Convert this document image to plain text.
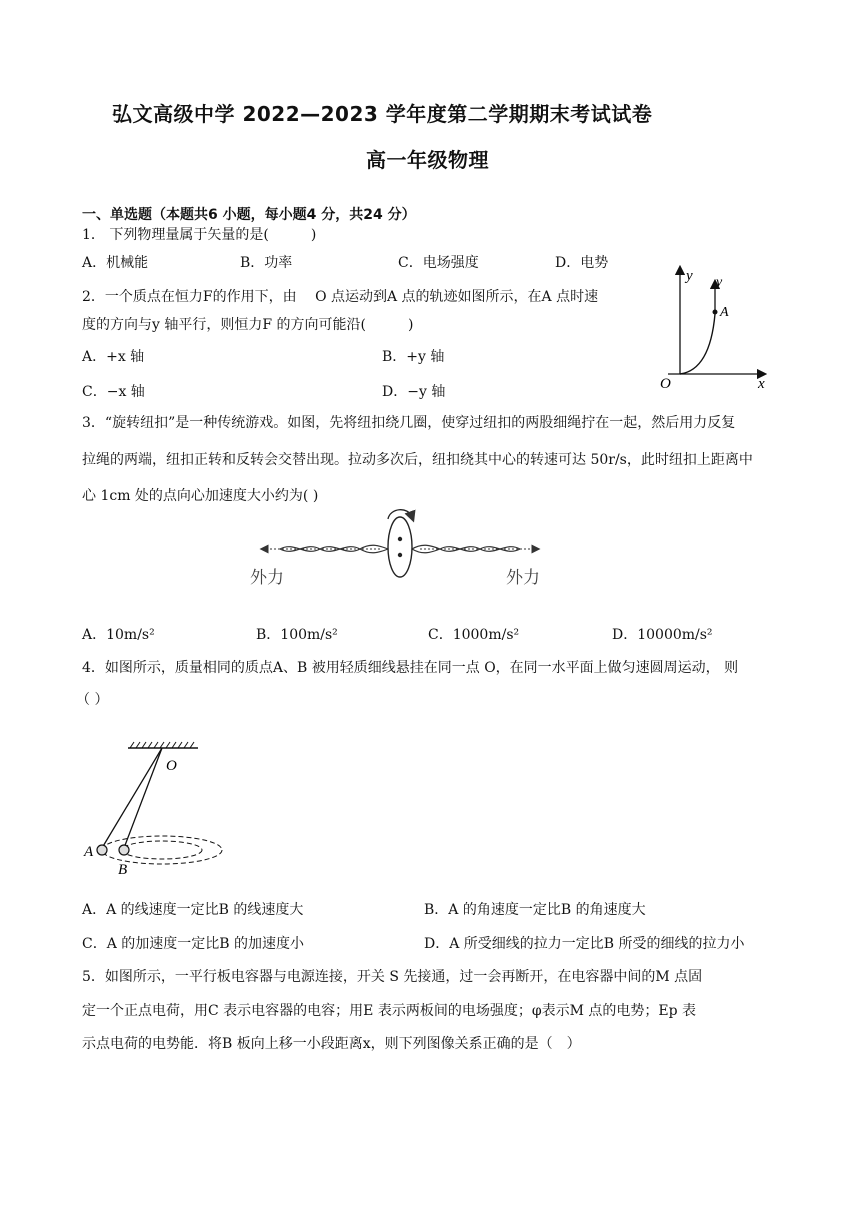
弘文高级中学 2022—2023 学年度第二学期期末考试试卷
高一年级物理
一、单选题（本题共6 小题，每小题4 分，共24 分）
1． 下列物理量属于矢量的是(　　　)
A．机械能	B．功率	C．电场强度	D．电势
2．一个质点在恒力F的作用下，由　 O 点运动到A 点的轨迹如图所示，在A 点时速
度的方向与y 轴平行，则恒力F 的方向可能沿(　　　)
A．+x 轴	B．+y 轴
C．−x 轴	D．−y 轴
y v
A
O	x
3．“旋转纽扣”是一种传统游戏。如图，先将纽扣绕几圈，使穿过纽扣的两股细绳拧在一起，然后用力反复
拉绳的两端，纽扣正转和反转会交替出现。拉动多次后，纽扣绕其中心的转速可达 50r/s，此时纽扣上距离中
心 1cm 处的点向心加速度大小约为( )
外力	外力
A．10m/s²	B．100m/s²	C．1000m/s²	D．10000m/s²
4．如图所示，质量相同的质点A、B 被用轻质细线悬挂在同一点 O，在同一水平面上做匀速圆周运动， 则
（ ）
O
A
B
A．A 的线速度一定比B 的线速度大	B．A 的角速度一定比B 的角速度大
C．A 的加速度一定比B 的加速度小	D．A 所受细线的拉力一定比B 所受的细线的拉力小
5．如图所示，一平行板电容器与电源连接，开关 S 先接通，过一会再断开，在电容器中间的M 点固
定一个正点电荷，用C 表示电容器的电容；用E 表示两板间的电场强度；φ表示M 点的电势；Ep 表
示点电荷的电势能．将B 板向上移一小段距离x，则下列图像关系正确的是（　）
